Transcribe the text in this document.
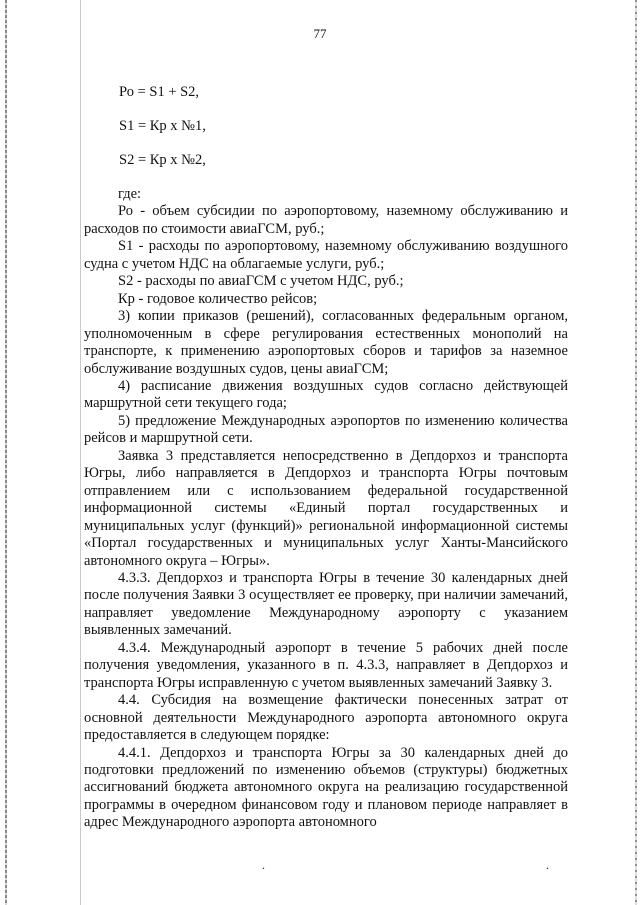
77
Ро = S1 + S2,
S1 = Кр х №1,
S2 = Кр х №2,

где:

Ро - объем субсидии по аэропортовому, наземному обслуживанию и расходов по стоимости авиаГСМ, руб.;

S1 - расходы по аэропортовому, наземному обслуживанию воздушного судна с учетом НДС на облагаемые услуги, руб.;

S2 - расходы по авиаГСМ с учетом НДС, руб.;

Кр - годовое количество рейсов;

3) копии приказов (решений), согласованных федеральным органом, уполномоченным в сфере регулирования естественных монополий на транспорте, к применению аэропортовых сборов и тарифов за наземное обслуживание воздушных судов, цены авиаГСМ;

4) расписание движения воздушных судов согласно действующей маршрутной сети текущего года;

5) предложение Международных аэропортов по изменению количества рейсов и маршрутной сети.

Заявка 3 представляется непосредственно в Депдорхоз и транспорта Югры, либо направляется в Депдорхоз и транспорта Югры почтовым отправлением или с использованием федеральной государственной информационной системы «Единый портал государственных и муниципальных услуг (функций)» региональной информационной системы «Портал государственных и муниципальных услуг Ханты-Мансийского автономного округа – Югры».

4.3.3. Депдорхоз и транспорта Югры в течение 30 календарных дней после получения Заявки 3 осуществляет ее проверку, при наличии замечаний, направляет уведомление Международному аэропорту с указанием выявленных замечаний.

4.3.4. Международный аэропорт в течение 5 рабочих дней после получения уведомления, указанного в п. 4.3.3, направляет в Депдорхоз и транспорта Югры исправленную с учетом выявленных замечаний Заявку 3.

4.4. Субсидия на возмещение фактически понесенных затрат от основной деятельности Международного аэропорта автономного округа предоставляется в следующем порядке:

4.4.1. Депдорхоз и транспорта Югры за 30 календарных дней до подготовки предложений по изменению объемов (структуры) бюджетных ассигнований бюджета автономного округа на реализацию государственной программы в очередном финансовом году и плановом периоде направляет в адрес Международного аэропорта автономного

.	.
